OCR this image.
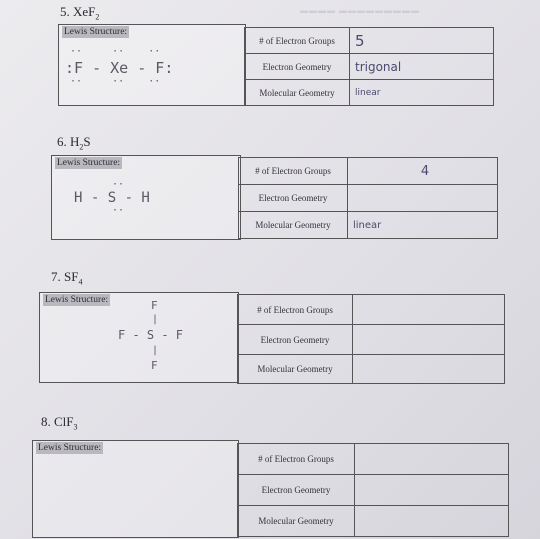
▬▬▬▬ ▬▬▬▬▬▬▬▬▬
5. XeF$_2$
Lewis Structure:
:F - Xe - F:
··     ··    ··
··     ··    ··
# of Electron Groups	5
Electron Geometry	trigonal
Molecular Geometry	linear
6. $H_2S$
Lewis Structure:
H - S - H
··
··
# of Electron Groups	4
Electron Geometry	
Molecular Geometry	linear
7. $SF_4$
Lewis Structure:	F
|
F - S - F
|
F
# of Electron Groups	
Electron Geometry	
Molecular Geometry	
8. ClF$_3$
Lewis Structure:
# of Electron Groups	
Electron Geometry	
Molecular Geometry	
